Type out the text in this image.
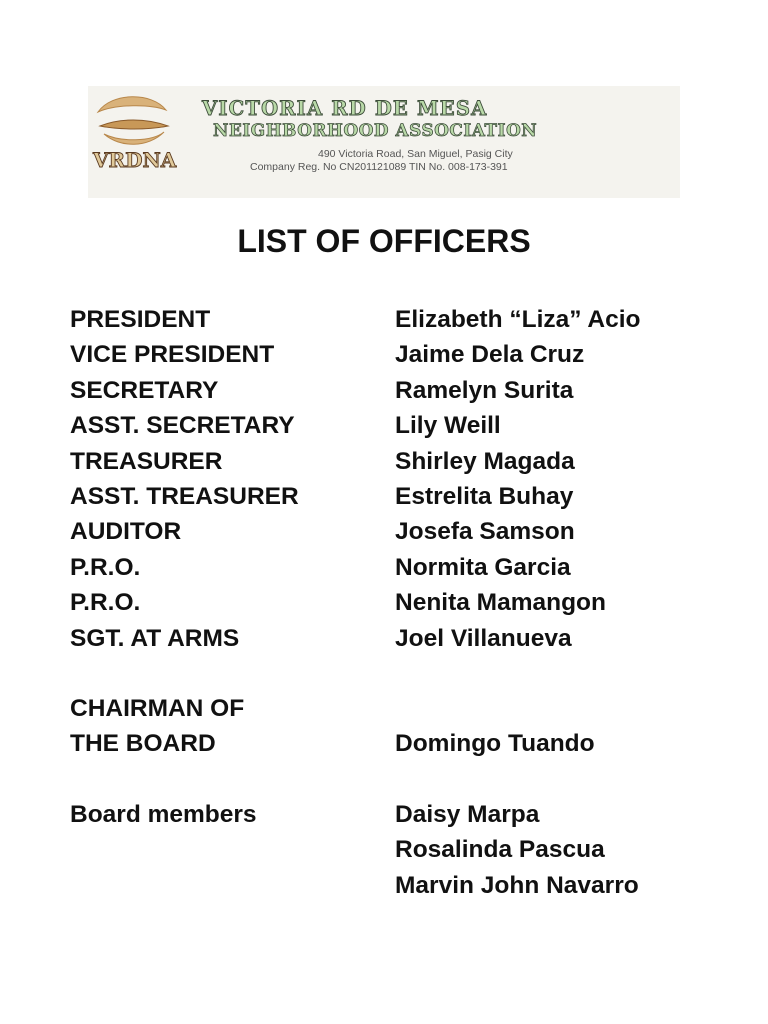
VRDNA
VICTORIA RD DE MESA
NEIGHBORHOOD ASSOCIATION
490 Victoria Road, San Miguel, Pasig City
Company Reg. No CN201121089 TIN No. 008-173-391
LIST OF OFFICERS
PRESIDENT	Elizabeth “Liza” Acio
VICE PRESIDENT	Jaime Dela Cruz
SECRETARY	Ramelyn Surita
ASST. SECRETARY	Lily Weill
TREASURER	Shirley Magada
ASST. TREASURER	Estrelita Buhay
AUDITOR	Josefa Samson
P.R.O.	Normita Garcia
P.R.O.	Nenita Mamangon
SGT. AT ARMS	Joel Villanueva
CHAIRMAN OF
THE BOARD	Domingo Tuando
Board members	Daisy Marpa
Rosalinda Pascua
Marvin John Navarro
